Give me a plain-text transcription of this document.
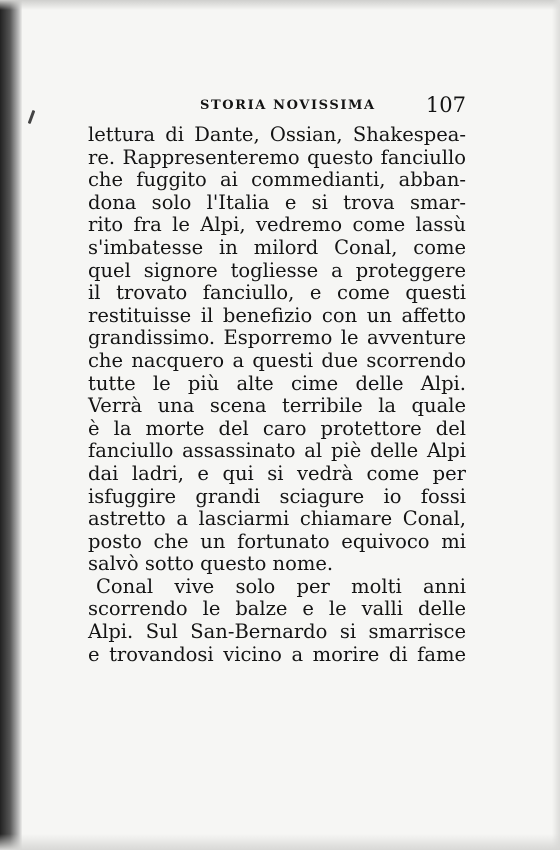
STORIA NOVISSIMA 107
lettura di Dante, Ossian, Shakespea-
re. Rappresenteremo questo fanciullo
che fuggito ai commedianti, abban-
dona solo l'Italia e si trova smar-
rito fra le Alpi, vedremo come lassù
s'imbatesse in milord Conal, come
quel signore togliesse a proteggere
il trovato fanciullo, e come questi
restituisse il benefizio con un affetto
grandissimo. Esporremo le avventure
che nacquero a questi due scorrendo
tutte le più alte cime delle Alpi.
Verrà una scena terribile la quale
è la morte del caro protettore del
fanciullo assassinato al piè delle Alpi
dai ladri, e qui si vedrà come per
isfuggire grandi sciagure io fossi
astretto a lasciarmi chiamare Conal,
posto che un fortunato equivoco mi
salvò sotto questo nome.
Conal vive solo per molti anni
scorrendo le balze e le valli delle
Alpi. Sul San-Bernardo si smarrisce
e trovandosi vicino a morire di fame
